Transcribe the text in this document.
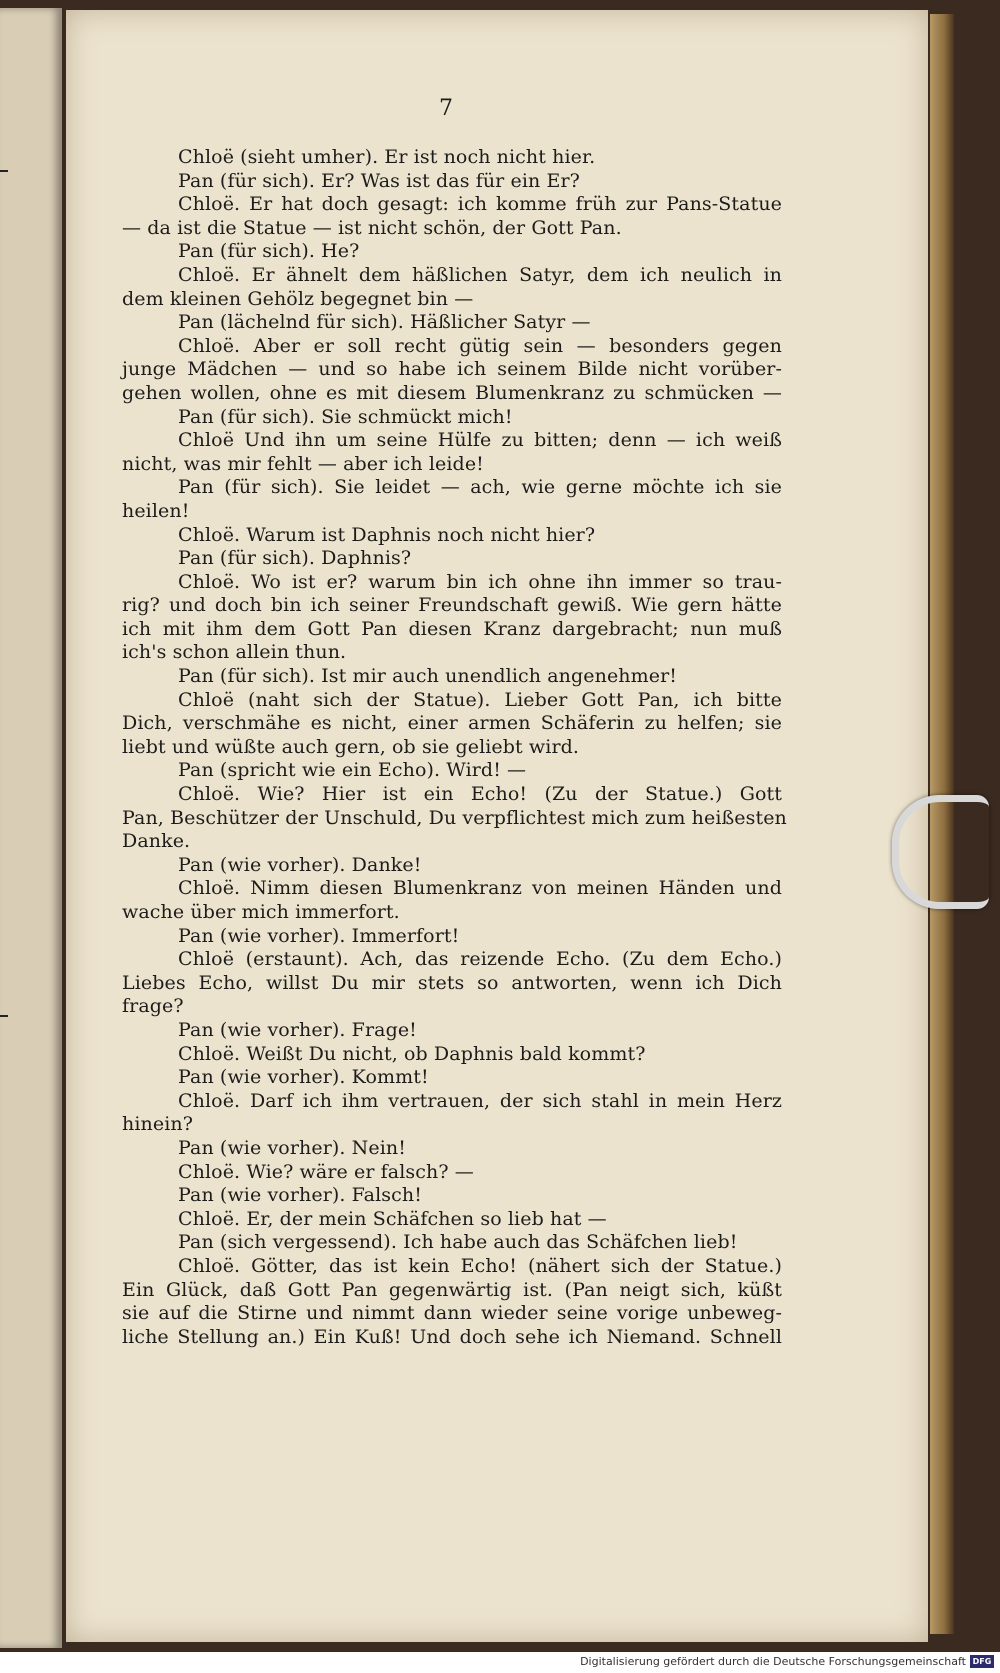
7
Chloë (sieht umher). Er ist noch nicht hier.
Pan (für sich). Er? Was ist das für ein Er?
Chloë. Er hat doch gesagt: ich komme früh zur Pans-Statue
— da ist die Statue — ist nicht schön, der Gott Pan.
Pan (für sich). He?
Chloë. Er ähnelt dem häßlichen Satyr, dem ich neulich in
dem kleinen Gehölz begegnet bin —
Pan (lächelnd für sich). Häßlicher Satyr —
Chloë. Aber er soll recht gütig sein — besonders gegen
junge Mädchen — und so habe ich seinem Bilde nicht vorüber-
gehen wollen, ohne es mit diesem Blumenkranz zu schmücken —
Pan (für sich). Sie schmückt mich!
Chloë Und ihn um seine Hülfe zu bitten; denn — ich weiß
nicht, was mir fehlt — aber ich leide!
Pan (für sich). Sie leidet — ach, wie gerne möchte ich sie
heilen!
Chloë. Warum ist Daphnis noch nicht hier?
Pan (für sich). Daphnis?
Chloë. Wo ist er? warum bin ich ohne ihn immer so trau-
rig? und doch bin ich seiner Freundschaft gewiß. Wie gern hätte
ich mit ihm dem Gott Pan diesen Kranz dargebracht; nun muß
ich's schon allein thun.
Pan (für sich). Ist mir auch unendlich angenehmer!
Chloë (naht sich der Statue). Lieber Gott Pan, ich bitte
Dich, verschmähe es nicht, einer armen Schäferin zu helfen; sie
liebt und wüßte auch gern, ob sie geliebt wird.
Pan (spricht wie ein Echo). Wird! —
Chloë. Wie? Hier ist ein Echo! (Zu der Statue.) Gott
Pan, Beschützer der Unschuld, Du verpflichtest mich zum heißesten
Danke.
Pan (wie vorher). Danke!
Chloë. Nimm diesen Blumenkranz von meinen Händen und
wache über mich immerfort.
Pan (wie vorher). Immerfort!
Chloë (erstaunt). Ach, das reizende Echo. (Zu dem Echo.)
Liebes Echo, willst Du mir stets so antworten, wenn ich Dich
frage?
Pan (wie vorher). Frage!
Chloë. Weißt Du nicht, ob Daphnis bald kommt?
Pan (wie vorher). Kommt!
Chloë. Darf ich ihm vertrauen, der sich stahl in mein Herz
hinein?
Pan (wie vorher). Nein!
Chloë. Wie? wäre er falsch? —
Pan (wie vorher). Falsch!
Chloë. Er, der mein Schäfchen so lieb hat —
Pan (sich vergessend). Ich habe auch das Schäfchen lieb!
Chloë. Götter, das ist kein Echo! (nähert sich der Statue.)
Ein Glück, daß Gott Pan gegenwärtig ist. (Pan neigt sich, küßt
sie auf die Stirne und nimmt dann wieder seine vorige unbeweg-
liche Stellung an.) Ein Kuß! Und doch sehe ich Niemand. Schnell
Digitalisierung gefördert durch die Deutsche Forschungsgemeinschaft DFG
